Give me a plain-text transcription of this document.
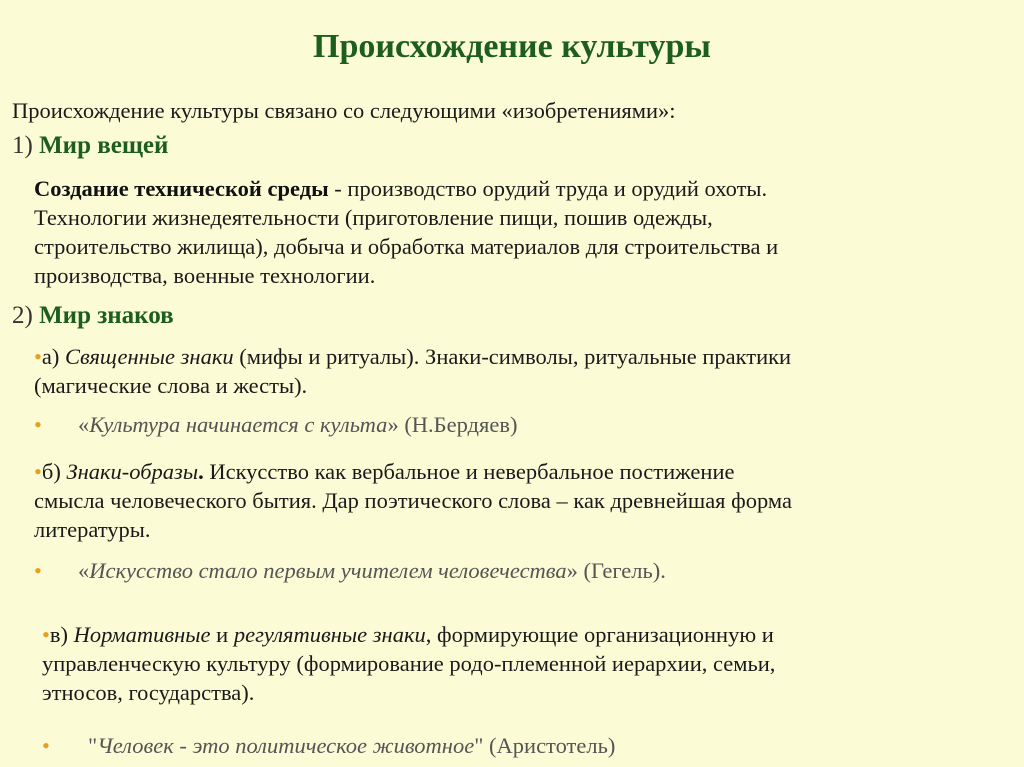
Происхождение культуры
Происхождение культуры связано со следующими «изобретениями»:
1) Мир вещей
Создание технической среды - производство орудий труда и орудий охоты.
Технологии жизнедеятельности (приготовление пищи, пошив одежды,
строительство жилища), добыча и обработка материалов для строительства и
производства, военные технологии.
2) Мир знаков
•а) Священные знаки (мифы и ритуалы). Знаки-символы, ритуальные практики
(магические слова и жесты).
• «Культура начинается с культа» (Н.Бердяев)
•б) Знаки-образы. Искусство как вербальное и невербальное постижение
смысла человеческого бытия. Дар поэтического слова – как древнейшая форма
литературы.
• «Искусство стало первым учителем человечества» (Гегель).
•в) Нормативные и регулятивные знаки, формирующие организационную и
управленческую культуру (формирование родо-племенной иерархии, семьи,
этносов, государства).
• "Человек - это политическое животное" (Аристотель)
